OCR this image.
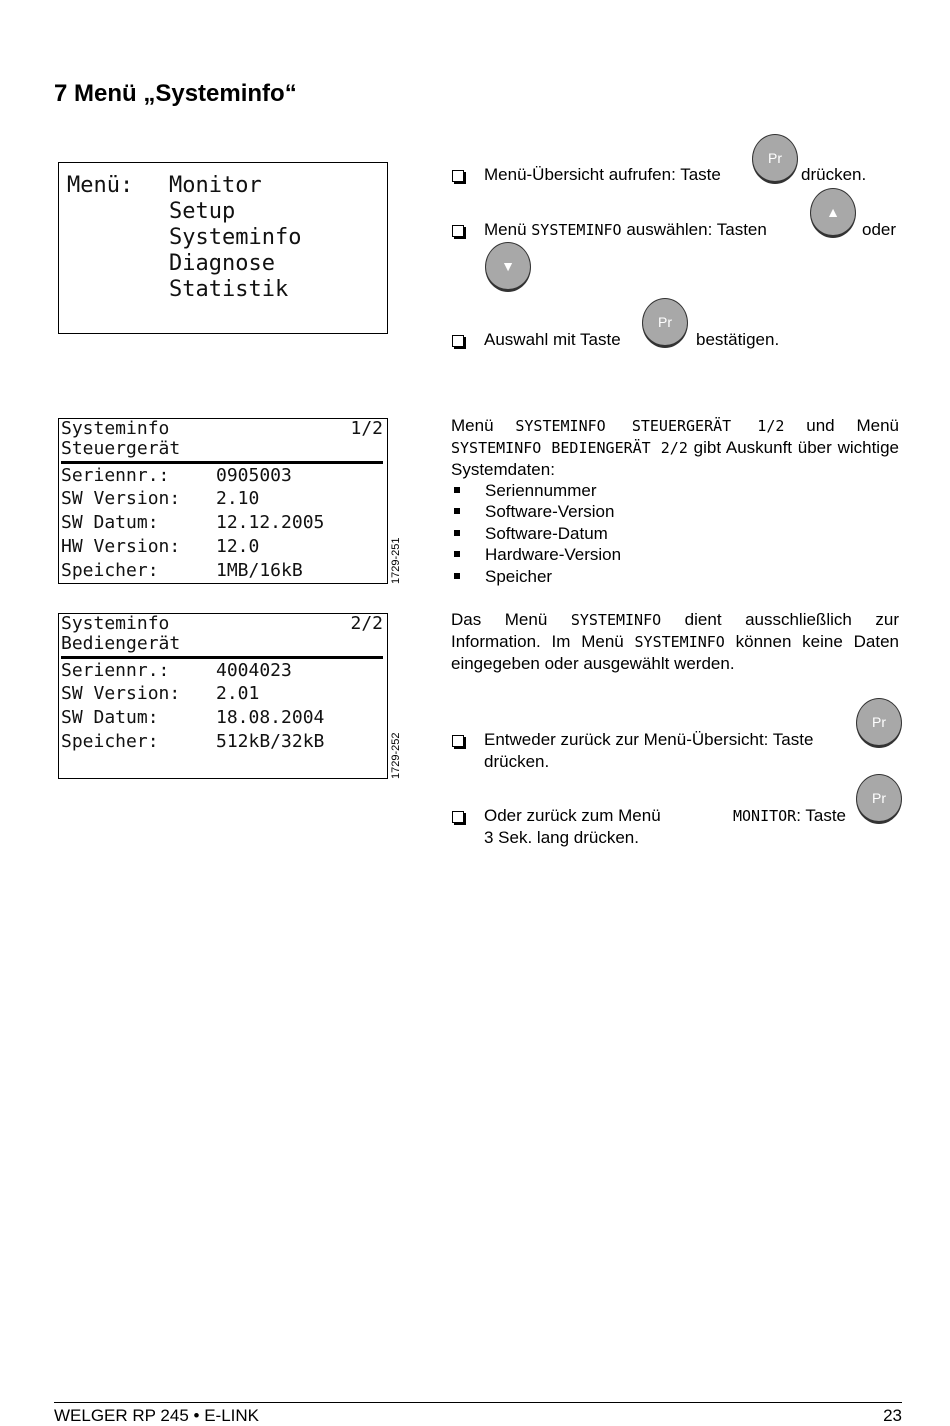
7 Menü „Systeminfo“
Menü: Monitor
Setup
Systeminfo
Diagnose
Statistik
Menü-Übersicht aufrufen: Taste
Pr
drücken.
Menü SYSTEMINFO auswählen: Tasten
▲
oder
▼
Auswahl mit Taste
Pr
bestätigen.
Systeminfo
Steuergerät
1/2
Seriennr.:	0905003
SW Version: 2.10
SW Datum:	12.12.2005
HW Version: 12.0
Speicher:	1MB/16kB	1729-251
Systeminfo
Bediengerät
2/2
Seriennr.:	4004023
SW Version: 2.01
SW Datum:	18.08.2004
Speicher:	512kB/32kB	1729-252
Menü SYSTEMINFO STEUERGERÄT 1/2 und Menü SYSTEMINFO BEDIENGERÄT 2/2 gibt Auskunft über wichtige Systemdaten:
Seriennummer
Software-Version
Software-Datum
Hardware-Version
Speicher
Das Menü SYSTEMINFO dient ausschließlich zur Information. Im Menü SYSTEMINFO können keine Daten eingegeben oder ausgewählt werden.
Entweder zurück zur Menü-Übersicht: Taste
drücken.
Pr
Oder zurück zum Menü	MONITOR: Taste
3 Sek. lang drücken.
Pr
WELGER RP 245 • E-LINK	23
